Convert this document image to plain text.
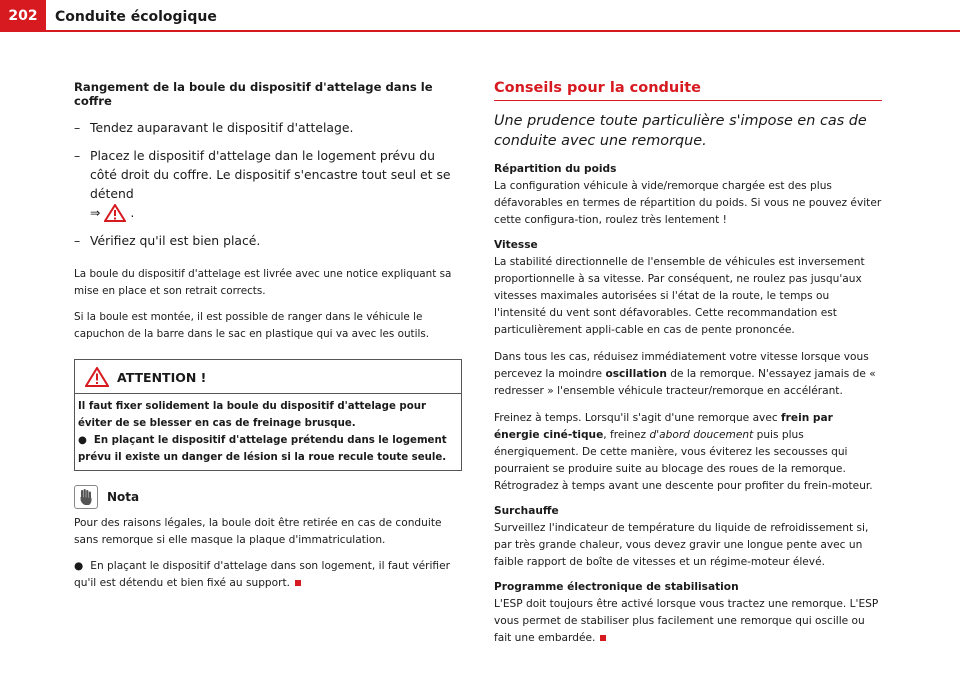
202	Conduite écologique
Rangement de la boule du dispositif d'attelage dans le coffre
– Tendez auparavant le dispositif d'attelage.
– Placez le dispositif d'attelage dan le logement prévu du côté droit du coffre. Le dispositif s'encastre tout seul et se détend

⇒ .
– Vérifiez qu'il est bien placé.

La boule du dispositif d'attelage est livrée avec une notice expliquant sa mise en place et son retrait corrects.

Si la boule est montée, il est possible de ranger dans le véhicule le capuchon de la barre dans le sac en plastique qui va avec les outils.

ATTENTION !

Il faut fixer solidement la boule du dispositif d'attelage pour éviter de se blesser en cas de freinage brusque.

● En plaçant le dispositif d'attelage prétendu dans le logement prévu il existe un danger de lésion si la roue recule toute seule.

Nota

Pour des raisons légales, la boule doit être retirée en cas de conduite sans remorque si elle masque la plaque d'immatriculation.

● En plaçant le dispositif d'attelage dans son logement, il faut vérifier qu'il est détendu et bien fixé au support.

Conseils pour la conduite

Une prudence toute particulière s'impose en cas de conduite avec une remorque.

Répartition du poids

La configuration véhicule à vide/remorque chargée est des plus défavorables en termes de répartition du poids. Si vous ne pouvez éviter cette configura-tion, roulez très lentement !

Vitesse

La stabilité directionnelle de l'ensemble de véhicules est inversement proportionnelle à sa vitesse. Par conséquent, ne roulez pas jusqu'aux vitesses maximales autorisées si l'état de la route, le temps ou l'intensité du vent sont défavorables. Cette recommandation est particulièrement appli-cable en cas de pente prononcée.

Dans tous les cas, réduisez immédiatement votre vitesse lorsque vous percevez la moindre oscillation de la remorque. N'essayez jamais de « redresser » l'ensemble véhicule tracteur/remorque en accélérant.

Freinez à temps. Lorsqu'il s'agit d'une remorque avec frein par énergie ciné-tique, freinez d'abord doucement puis plus énergiquement. De cette manière, vous éviterez les secousses qui pourraient se produire suite au blocage des roues de la remorque. Rétrogradez à temps avant une descente pour profiter du frein-moteur.

Surchauffe

Surveillez l'indicateur de température du liquide de refroidissement si, par très grande chaleur, vous devez gravir une longue pente avec un faible rapport de boîte de vitesses et un régime-moteur élevé.

Programme électronique de stabilisation

L'ESP doit toujours être activé lorsque vous tractez une remorque. L'ESP vous permet de stabiliser plus facilement une remorque qui oscille ou fait une embardée.
